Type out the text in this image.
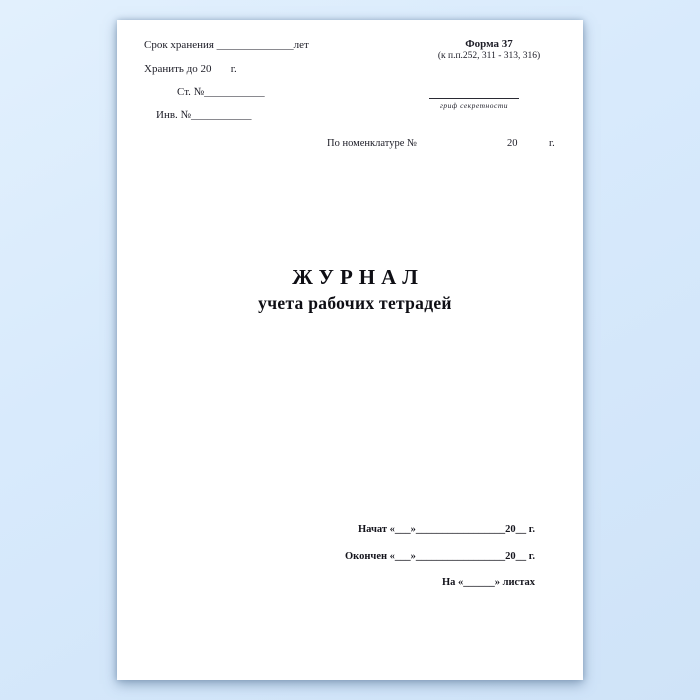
Срок хранения ______________лет
Хранить до 20       г.
Ст. №___________
Инв. №___________
Форма 37
(к п.п.252, 311 - 313, 316)
гриф секретности
По номенклатуре №	20	г.
ЖУРНАЛ
учета рабочих тетрадей
Начат «___»_________________20__ г.
Окончен «___»_________________20__ г.
На «______» листах
